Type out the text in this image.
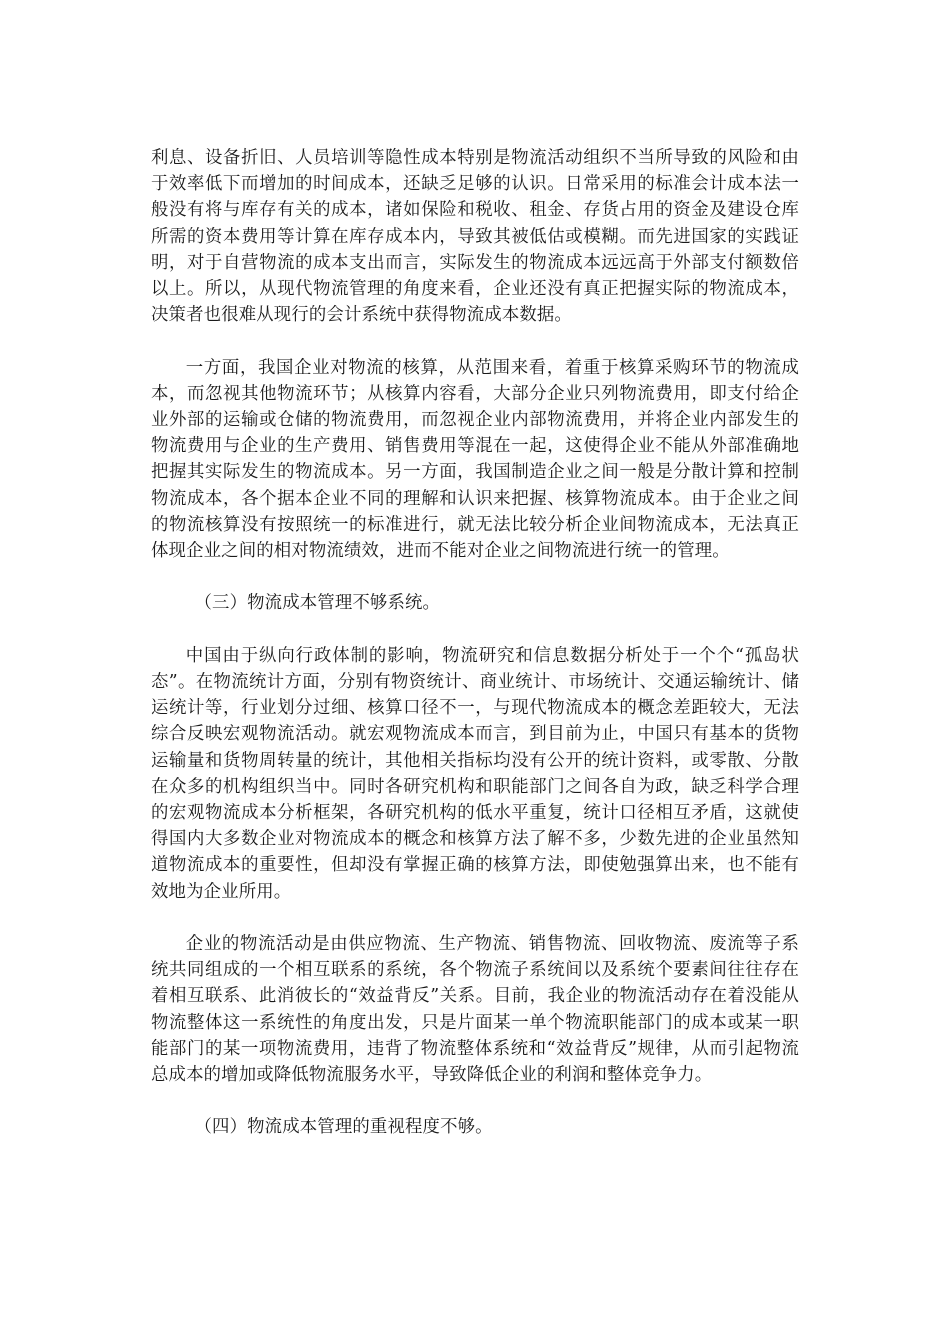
利息、设备折旧、人员培训等隐性成本特别是物流活动组织不当所导致的风险和由于效率低下而增加的时间成本，还缺乏足够的认识。日常采用的标准会计成本法一般没有将与库存有关的成本，诸如保险和税收、租金、存货占用的资金及建设仓库所需的资本费用等计算在库存成本内，导致其被低估或模糊。而先进国家的实践证明，对于自营物流的成本支出而言，实际发生的物流成本远远高于外部支付额数倍以上。所以，从现代物流管理的角度来看，企业还没有真正把握实际的物流成本，决策者也很难从现行的会计系统中获得物流成本数据。

一方面，我国企业对物流的核算，从范围来看，着重于核算采购环节的物流成本，而忽视其他物流环节；从核算内容看，大部分企业只列物流费用，即支付给企业外部的运输或仓储的物流费用，而忽视企业内部物流费用，并将企业内部发生的物流费用与企业的生产费用、销售费用等混在一起，这使得企业不能从外部准确地把握其实际发生的物流成本。另一方面，我国制造企业之间一般是分散计算和控制物流成本，各个据本企业不同的理解和认识来把握、核算物流成本。由于企业之间的物流核算没有按照统一的标准进行，就无法比较分析企业间物流成本，无法真正体现企业之间的相对物流绩效，进而不能对企业之间物流进行统一的管理。

（三）物流成本管理不够系统。

中国由于纵向行政体制的影响，物流研究和信息数据分析处于一个个“孤岛状态”。在物流统计方面，分别有物资统计、商业统计、市场统计、交通运输统计、储运统计等，行业划分过细、核算口径不一，与现代物流成本的概念差距较大，无法综合反映宏观物流活动。就宏观物流成本而言，到目前为止，中国只有基本的货物运输量和货物周转量的统计，其他相关指标均没有公开的统计资料，或零散、分散在众多的机构组织当中。同时各研究机构和职能部门之间各自为政，缺乏科学合理的宏观物流成本分析框架，各研究机构的低水平重复，统计口径相互矛盾，这就使得国内大多数企业对物流成本的概念和核算方法了解不多，少数先进的企业虽然知道物流成本的重要性，但却没有掌握正确的核算方法，即使勉强算出来，也不能有效地为企业所用。

企业的物流活动是由供应物流、生产物流、销售物流、回收物流、废流等子系统共同组成的一个相互联系的系统，各个物流子系统间以及系统个要素间往往存在着相互联系、此消彼长的“效益背反”关系。目前，我企业的物流活动存在着没能从物流整体这一系统性的角度出发，只是片面某一单个物流职能部门的成本或某一职能部门的某一项物流费用，违背了物流整体系统和“效益背反”规律，从而引起物流总成本的增加或降低物流服务水平，导致降低企业的利润和整体竞争力。

（四）物流成本管理的重视程度不够。
